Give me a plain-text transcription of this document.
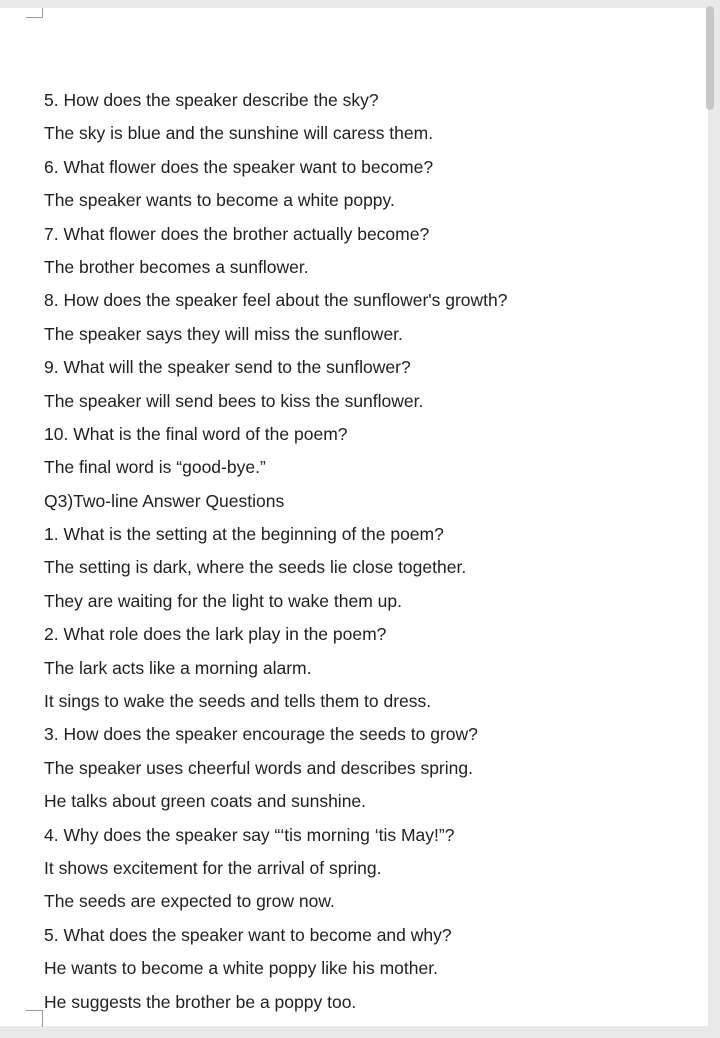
5. How does the speaker describe the sky?
The sky is blue and the sunshine will caress them.
6. What flower does the speaker want to become?
The speaker wants to become a white poppy.
7. What flower does the brother actually become?
The brother becomes a sunflower.
8. How does the speaker feel about the sunflower's growth?
The speaker says they will miss the sunflower.
9. What will the speaker send to the sunflower?
The speaker will send bees to kiss the sunflower.
10. What is the final word of the poem?
The final word is “good-bye.”
Q3)Two-line Answer Questions
1. What is the setting at the beginning of the poem?
The setting is dark, where the seeds lie close together.
They are waiting for the light to wake them up.
2. What role does the lark play in the poem?
The lark acts like a morning alarm.
It sings to wake the seeds and tells them to dress.
3. How does the speaker encourage the seeds to grow?
The speaker uses cheerful words and describes spring.
He talks about green coats and sunshine.
4. Why does the speaker say “‘tis morning ‘tis May!”?
It shows excitement for the arrival of spring.
The seeds are expected to grow now.
5. What does the speaker want to become and why?
He wants to become a white poppy like his mother.
He suggests the brother be a poppy too.
